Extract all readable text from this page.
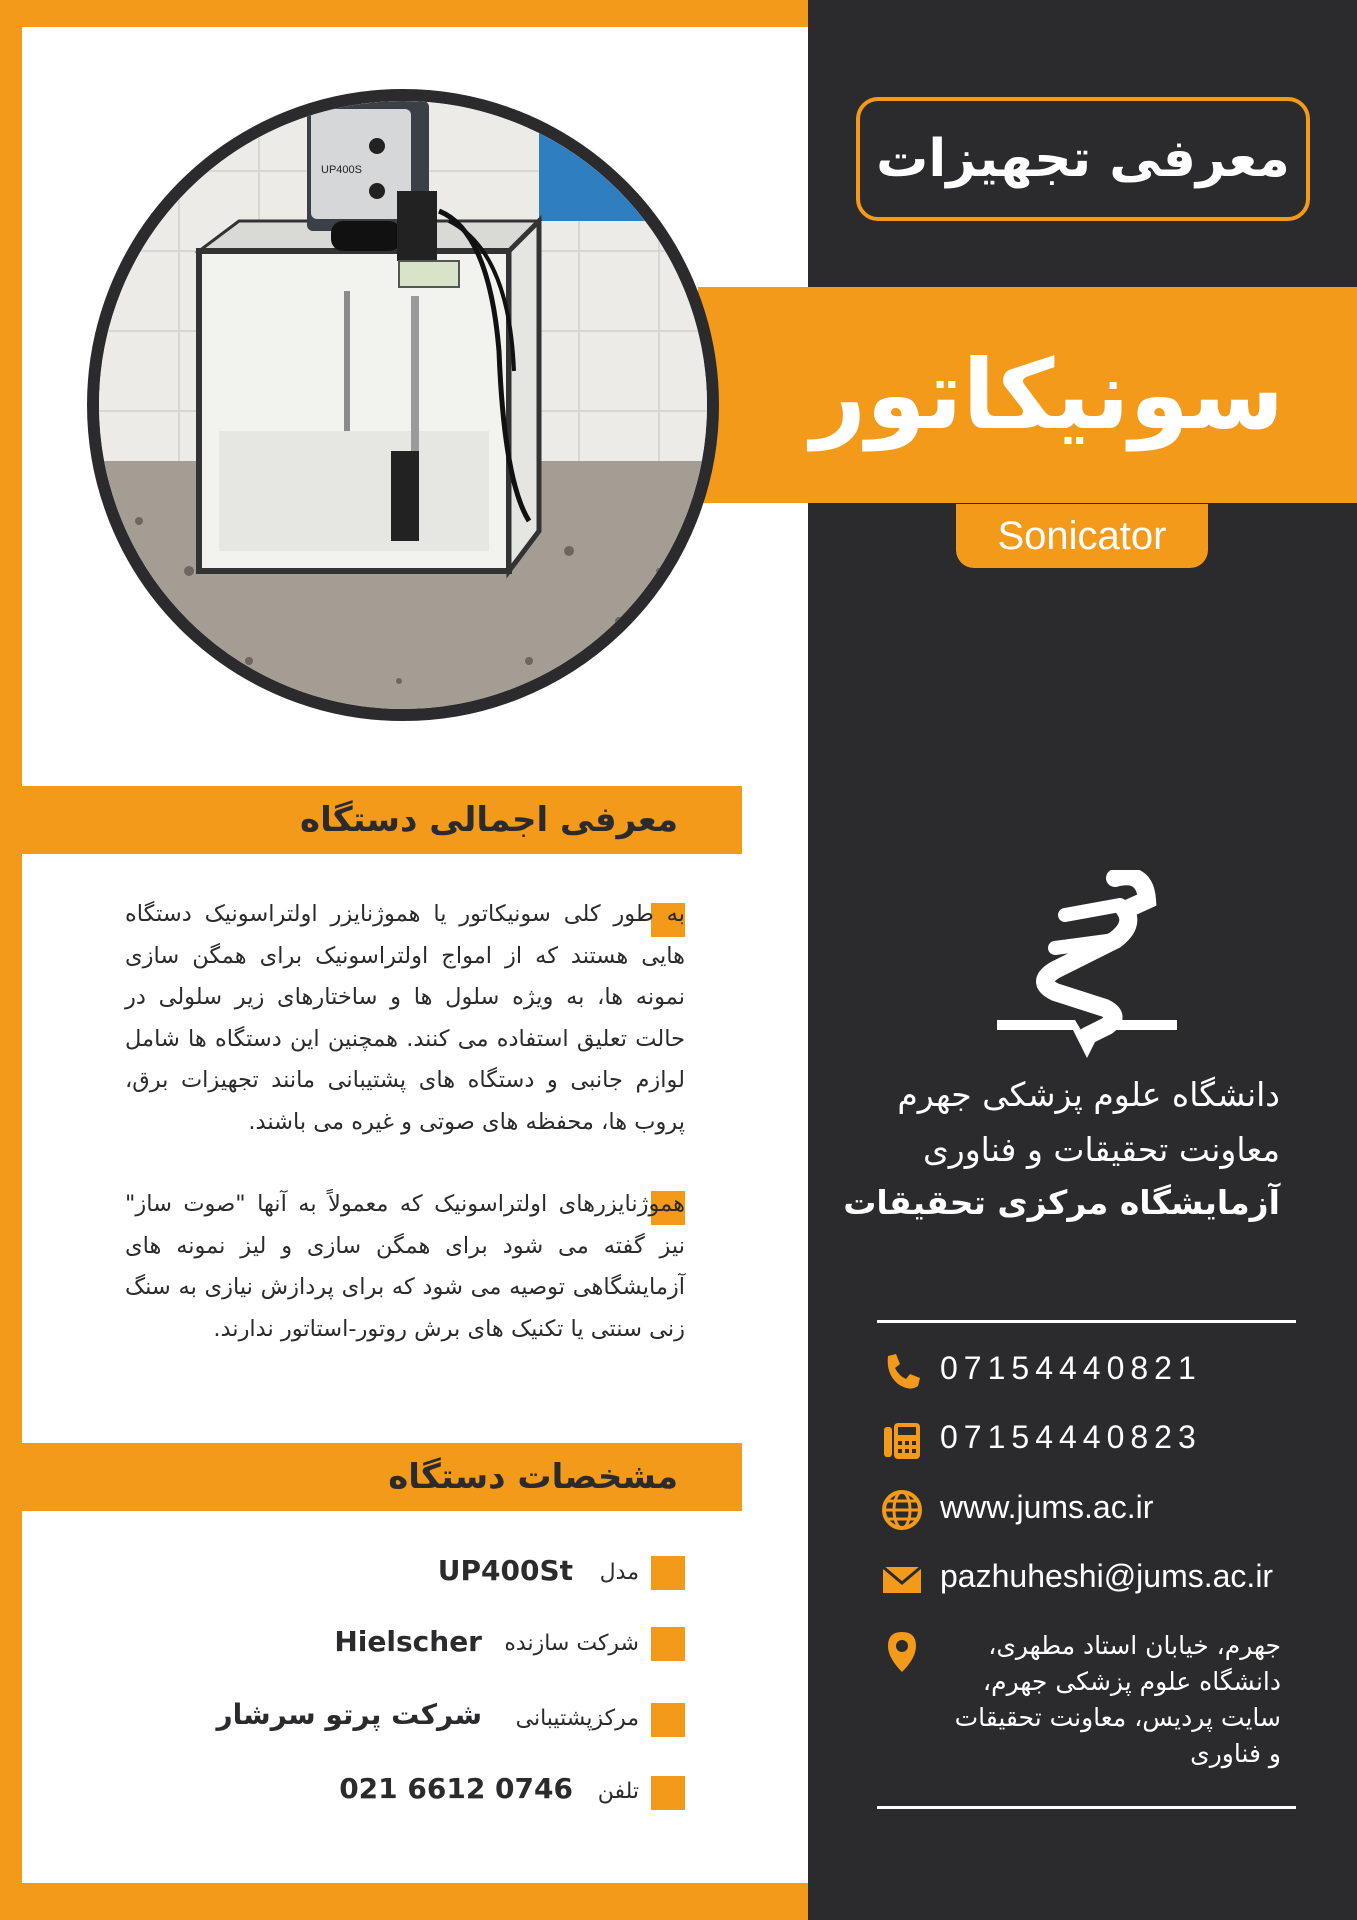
معرفی تجهیزات
سونیکاتور
Sonicator
UP400S
معرفی اجمالی دستگاه
به طور کلی سونیکاتور یا هموژنایزر اولتراسونیک دستگاه هایی هستند که از امواج اولتراسونیک برای همگن سازی نمونه ها، به ویژه سلول ها و ساختارهای زیر سلولی در حالت تعلیق استفاده می کنند. همچنین این دستگاه ها شامل لوازم جانبی و دستگاه های پشتیبانی مانند تجهیزات برق، پروب ها، محفظه های صوتی و غیره می باشند.
هموژنایزرهای اولتراسونیک که معمولاً به آنها "صوت ساز" نیز گفته می شود برای همگن سازی و لیز نمونه های آزمایشگاهی توصیه می شود که برای پردازش نیازی به سنگ زنی سنتی یا تکنیک های برش روتور-استاتور ندارند.
مشخصات دستگاه
مدل
UP400St
شرکت سازنده
Hielscher
مرکزپشتیبانی
شرکت پرتو سرشار
تلفن
021 6612 0746
دانشگاه علوم پزشکی جهرم
معاونت تحقیقات و فناوری
آزمایشگاه مرکزی تحقیقات
07154440821
07154440823
www.jums.ac.ir
pazhuheshi@jums.ac.ir
جهرم، خیابان استاد مطهری، دانشگاه علوم پزشکی جهرم، سایت پردیس، معاونت تحقیقات و فناوری
